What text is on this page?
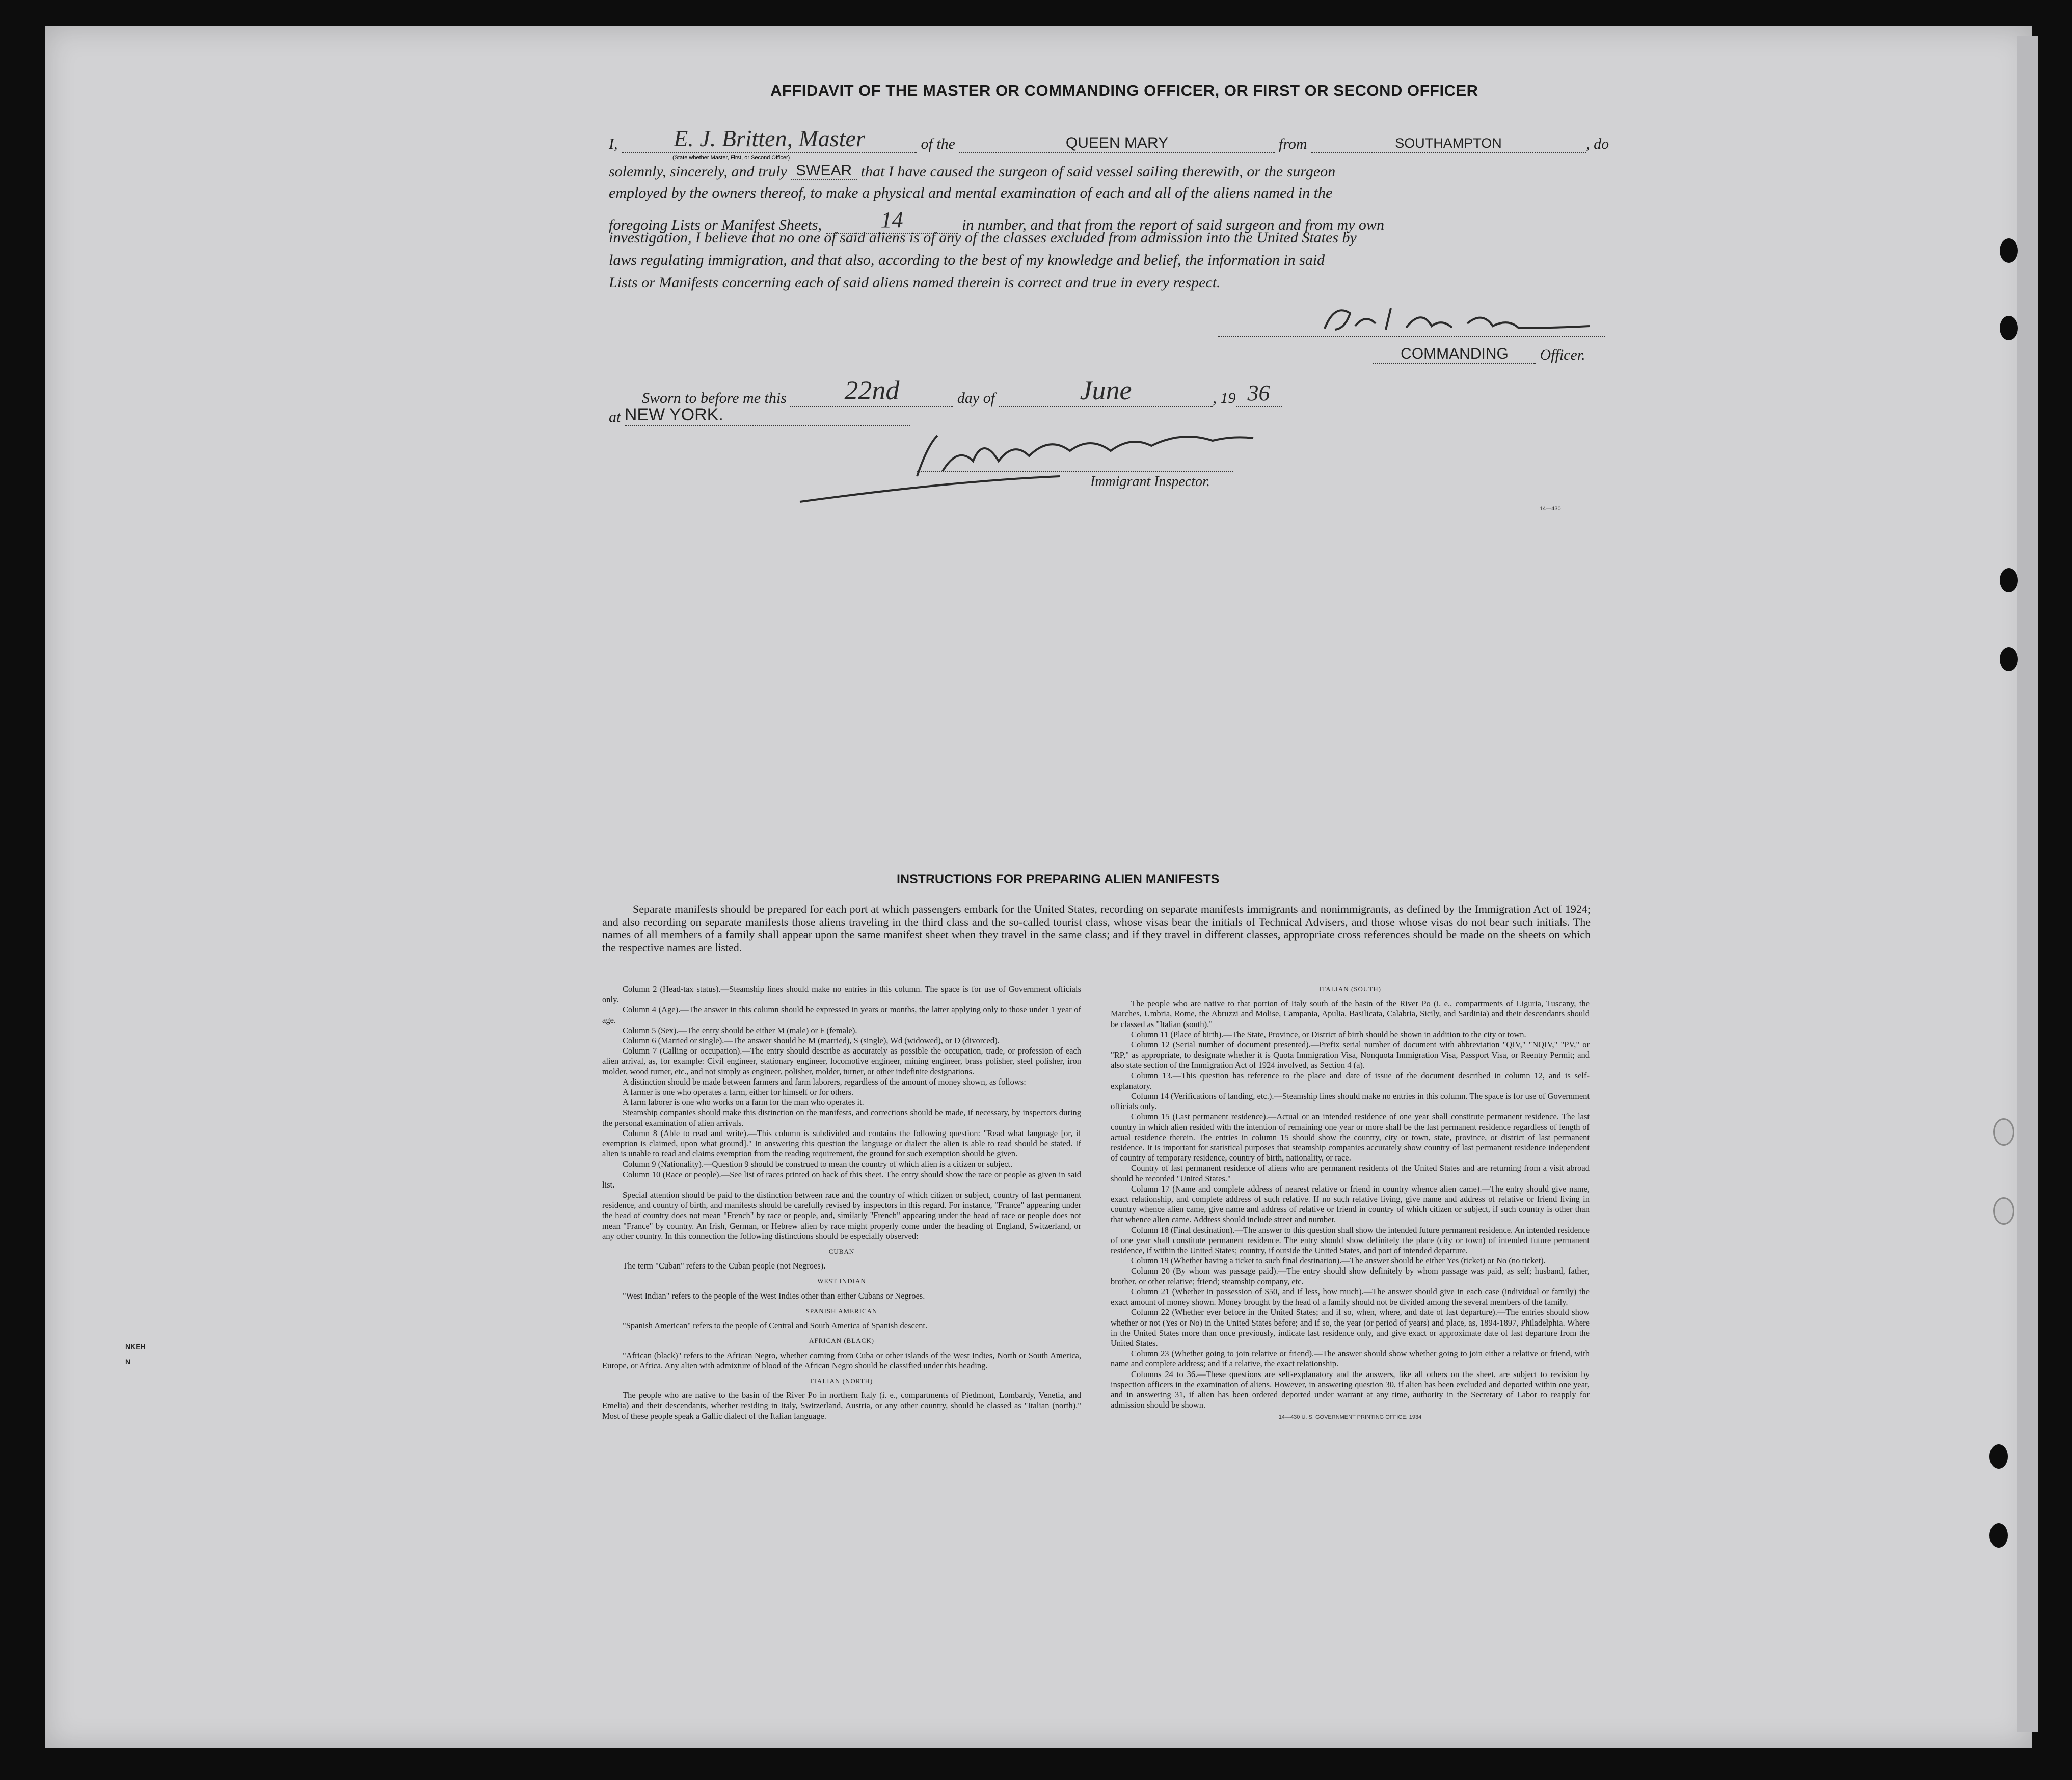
AFFIDAVIT OF THE MASTER OR COMMANDING OFFICER, OR FIRST OR SECOND OFFICER
I, E. J. Britten, Master	of the	QUEEN MARY	from	SOUTHAMPTON	, do
(State whether Master, First, or Second Officer)
solemnly, sincerely, and truly SWEAR that I have caused the surgeon of said vessel sailing therewith, or the surgeon
employed by the owners thereof, to make a physical and mental examination of each and all of the aliens named in the
foregoing Lists or Manifest Sheets,	14	in number, and that from the report of said surgeon and from my own
investigation, I believe that no one of said aliens is of any of the classes excluded from admission into the United States by
laws regulating immigration, and that also, according to the best of my knowledge and belief, the information in said
Lists or Manifests concerning each of said aliens named therein is correct and true in every respect.
COMMANDING Officer.
Sworn to before me this 22nd	day of	June	, 19 36
at NEW YORK.
Immigrant Inspector.
14—430
NKEH
N
INSTRUCTIONS FOR PREPARING ALIEN MANIFESTS
Separate manifests should be prepared for each port at which passengers embark for the United States, recording on separate manifests immigrants and nonimmigrants, as defined by the Immigration Act of 1924; and also recording on separate manifests those aliens traveling in the third class and the so-called tourist class, whose visas bear the initials of Technical Advisers, and those whose visas do not bear such initials. The names of all members of a family shall appear upon the same manifest sheet when they travel in the same class; and if they travel in different classes, appropriate cross references should be made on the sheets on which the respective names are listed.

Column 2 (Head-tax status).—Steamship lines should make no entries in this column. The space is for use of Government officials only.

Column 4 (Age).—The answer in this column should be expressed in years or months, the latter applying only to those under 1 year of age.

Column 5 (Sex).—The entry should be either M (male) or F (female).

Column 6 (Married or single).—The answer should be M (married), S (single), Wd (widowed), or D (divorced).

Column 7 (Calling or occupation).—The entry should describe as accurately as possible the occupation, trade, or profession of each alien arrival, as, for example: Civil engineer, stationary engineer, locomotive engineer, mining engineer, brass polisher, steel polisher, iron molder, wood turner, etc., and not simply as engineer, polisher, molder, turner, or other indefinite designations.

A distinction should be made between farmers and farm laborers, regardless of the amount of money shown, as follows:

A farmer is one who operates a farm, either for himself or for others.

A farm laborer is one who works on a farm for the man who operates it.

Steamship companies should make this distinction on the manifests, and corrections should be made, if necessary, by inspectors during the personal examination of alien arrivals.

Column 8 (Able to read and write).—This column is subdivided and contains the following question: "Read what language [or, if exemption is claimed, upon what ground]." In answering this question the language or dialect the alien is able to read should be stated. If alien is unable to read and claims exemption from the reading requirement, the ground for such exemption should be given.

Column 9 (Nationality).—Question 9 should be construed to mean the country of which alien is a citizen or subject.

Column 10 (Race or people).—See list of races printed on back of this sheet. The entry should show the race or people as given in said list.

Special attention should be paid to the distinction between race and the country of which citizen or subject, country of last permanent residence, and country of birth, and manifests should be carefully revised by inspectors in this regard. For instance, "France" appearing under the head of country does not mean "French" by race or people, and, similarly "French" appearing under the head of race or people does not mean "France" by country. An Irish, German, or Hebrew alien by race might properly come under the heading of England, Switzerland, or any other country. In this connection the following distinctions should be especially observed:

CUBAN

The term "Cuban" refers to the Cuban people (not Negroes).

WEST INDIAN

"West Indian" refers to the people of the West Indies other than either Cubans or Negroes.

SPANISH AMERICAN

"Spanish American" refers to the people of Central and South America of Spanish descent.

AFRICAN (BLACK)

"African (black)" refers to the African Negro, whether coming from Cuba or other islands of the West Indies, North or South America, Europe, or Africa. Any alien with admixture of blood of the African Negro should be classified under this heading.

ITALIAN (NORTH)

The people who are native to the basin of the River Po in northern Italy (i. e., compartments of Piedmont, Lombardy, Venetia, and Emelia) and their descendants, whether residing in Italy, Switzerland, Austria, or any other country, should be classed as "Italian (north)." Most of these people speak a Gallic dialect of the Italian language.

ITALIAN (SOUTH)

The people who are native to that portion of Italy south of the basin of the River Po (i. e., compartments of Liguria, Tuscany, the Marches, Umbria, Rome, the Abruzzi and Molise, Campania, Apulia, Basilicata, Calabria, Sicily, and Sardinia) and their descendants should be classed as "Italian (south)."

Column 11 (Place of birth).—The State, Province, or District of birth should be shown in addition to the city or town.

Column 12 (Serial number of document presented).—Prefix serial number of document with abbreviation "QIV," "NQIV," "PV," or "RP," as appropriate, to designate whether it is Quota Immigration Visa, Nonquota Immigration Visa, Passport Visa, or Reentry Permit; and also state section of the Immigration Act of 1924 involved, as Section 4 (a).

Column 13.—This question has reference to the place and date of issue of the document described in column 12, and is self-explanatory.

Column 14 (Verifications of landing, etc.).—Steamship lines should make no entries in this column. The space is for use of Government officials only.

Column 15 (Last permanent residence).—Actual or an intended residence of one year shall constitute permanent residence. The last country in which alien resided with the intention of remaining one year or more shall be the last permanent residence regardless of length of actual residence therein. The entries in column 15 should show the country, city or town, state, province, or district of last permanent residence. It is important for statistical purposes that steamship companies accurately show country of last permanent residence independent of country of temporary residence, country of birth, nationality, or race.

Country of last permanent residence of aliens who are permanent residents of the United States and are returning from a visit abroad should be recorded "United States."

Column 17 (Name and complete address of nearest relative or friend in country whence alien came).—The entry should give name, exact relationship, and complete address of such relative. If no such relative living, give name and address of relative or friend living in country whence alien came, give name and address of relative or friend in country of which citizen or subject, if such country is other than that whence alien came. Address should include street and number.

Column 18 (Final destination).—The answer to this question shall show the intended future permanent residence. An intended residence of one year shall constitute permanent residence. The entry should show definitely the place (city or town) of intended future permanent residence, if within the United States; country, if outside the United States, and port of intended departure.

Column 19 (Whether having a ticket to such final destination).—The answer should be either Yes (ticket) or No (no ticket).

Column 20 (By whom was passage paid).—The entry should show definitely by whom passage was paid, as self; husband, father, brother, or other relative; friend; steamship company, etc.

Column 21 (Whether in possession of $50, and if less, how much).—The answer should give in each case (individual or family) the exact amount of money shown. Money brought by the head of a family should not be divided among the several members of the family.

Column 22 (Whether ever before in the United States; and if so, when, where, and date of last departure).—The entries should show whether or not (Yes or No) in the United States before; and if so, the year (or period of years) and place, as, 1894-1897, Philadelphia. Where in the United States more than once previously, indicate last residence only, and give exact or approximate date of last departure from the United States.

Column 23 (Whether going to join relative or friend).—The answer should show whether going to join either a relative or friend, with name and complete address; and if a relative, the exact relationship.

Columns 24 to 36.—These questions are self-explanatory and the answers, like all others on the sheet, are subject to revision by inspection officers in the examination of aliens. However, in answering question 30, if alien has been excluded and deported within one year, and in answering 31, if alien has been ordered deported under warrant at any time, authority in the Secretary of Labor to reapply for admission should be shown.

14—430 U. S. GOVERNMENT PRINTING OFFICE: 1934
